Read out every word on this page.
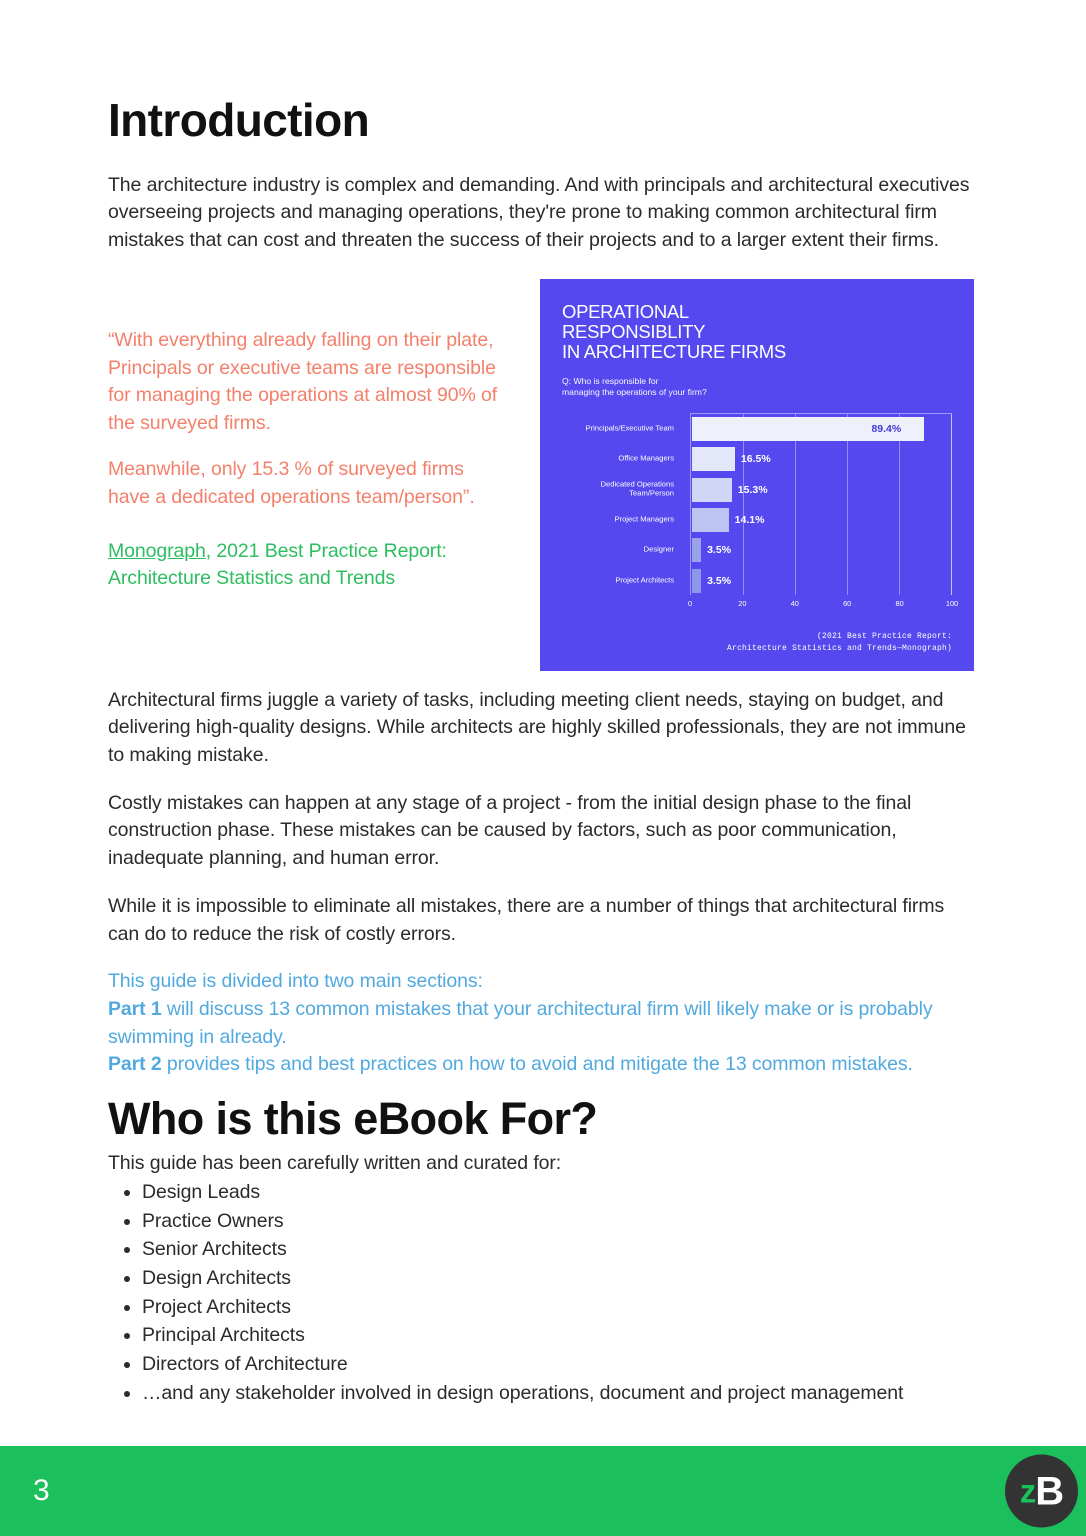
Introduction

The architecture industry is complex and demanding. And with principals and architectural executives overseeing projects and managing operations, they're prone to making common architectural firm mistakes that can cost and threaten the success of their projects and to a larger extent their firms.

“With everything already falling on their plate, Principals or executive teams are responsible for managing the operations at almost 90% of the surveyed firms.

Meanwhile, only 15.3 % of surveyed firms have a dedicated operations team/person”.

Monograph, 2021 Best Practice Report: Architecture Statistics and Trends

OPERATIONAL
RESPONSIBLITY
IN ARCHITECTURE FIRMS

Q: Who is responsible for
managing the operations of your firm?

Principals/Executive Team
Office Managers
Dedicated Operations
Team/Person
Project Managers
Designer
Project Architects
89.4%
16.5%
15.3%
14.1%
3.5%
3.5%
0	20	40	60	80	100
(2021 Best Practice Report:
Architecture Statistics and Trends—Monograph)

Architectural firms juggle a variety of tasks, including meeting client needs, staying on budget, and delivering high-quality designs. While architects are highly skilled professionals, they are not immune to making mistake.

Costly mistakes can happen at any stage of a project - from the initial design phase to the final construction phase. These mistakes can be caused by factors, such as poor communication, inadequate planning, and human error.

While it is impossible to eliminate all mistakes, there are a number of things that architectural firms can do to reduce the risk of costly errors.

This guide is divided into two main sections:
Part 1 will discuss 13 common mistakes that your architectural firm will likely make or is probably swimming in already.
Part 2 provides tips and best practices on how to avoid and mitigate the 13 common mistakes.

Who is this eBook For?

This guide has been carefully written and curated for:

• Design Leads
• Practice Owners
• Senior Architects
• Design Architects
• Project Architects
• Principal Architects
• Directors of Architecture
• …and any stakeholder involved in design operations, document and project management
3	z B
